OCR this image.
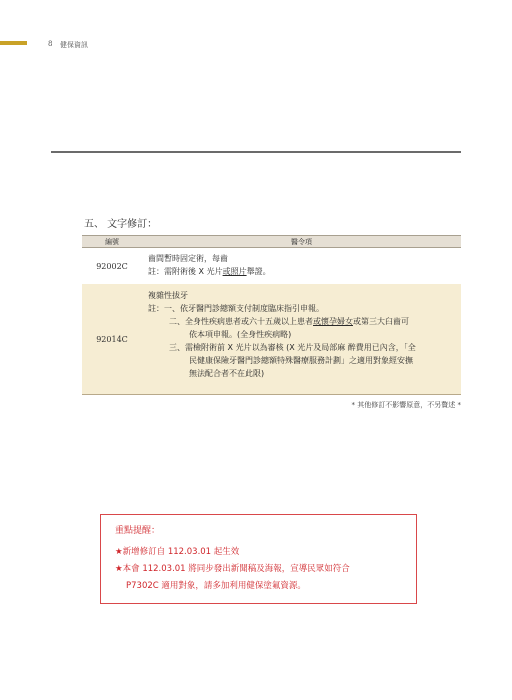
8 健保資訊
五、 文字修訂：
編號	醫令項
92002C
齒間暫時固定術，每齒
註：需附術後 X 光片或照片舉證。
92014C
複雜性拔牙
註：一、依牙醫門診總額支付制度臨床指引申報。
二、全身性疾病患者或六十五歲以上患者或懷孕婦女或第三大臼齒可
依本項申報。(全身性疾病略)
三、需檢附術前 X 光片以為審核 (X 光片及局部麻 醉費用已內含，「全
民健康保險牙醫門診總額特殊醫療服務計劃」之適用對象經安撫
無法配合者不在此限)
* 其他修訂不影響原意，不另贅述 *
重點提醒：
★新增修訂自 112.03.01 起生效
★本會 112.03.01 將同步發出新聞稿及海報，宣導民眾如符合
P7302C 適用對象，請多加利用健保塗氟資源。
